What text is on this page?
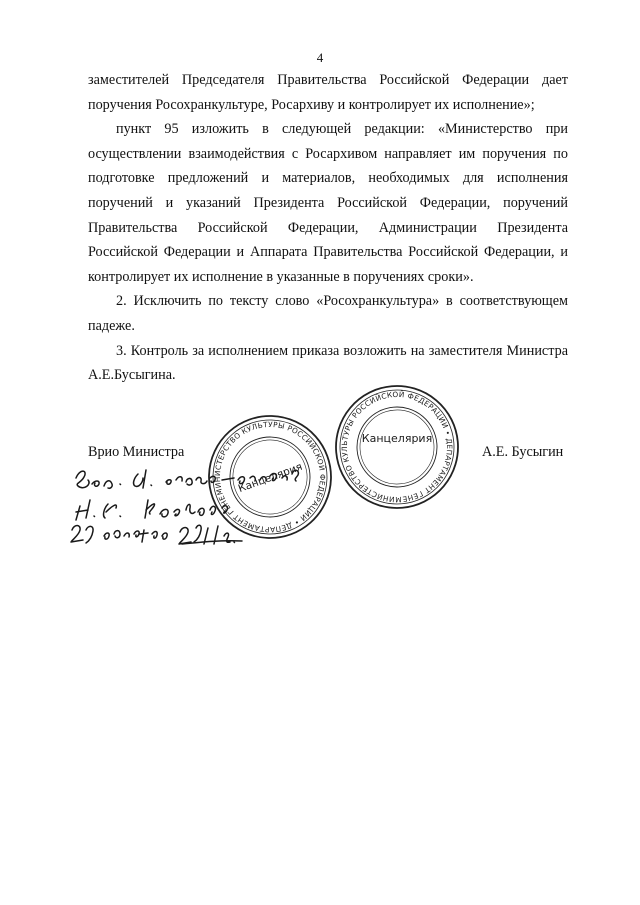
4

заместителей Председателя Правительства Российской Федерации дает поручения Росохранкультуре, Росархиву и контролирует их исполнение»;

пункт 95 изложить в следующей редакции: «Министерство при осуществлении взаимодействия с Росархивом направляет им поручения по подготовке предложений и материалов, необходимых для исполнения поручений и указаний Президента Российской Федерации, поручений Правительства Российской Федерации, Администрации Президента Российской Федерации и Аппарата Правительства Российской Федерации, и контролирует их исполнение в указанные в поручениях сроки».

2. Исключить по тексту слово «Росохранкультура» в соответствующем падеже.

3. Контроль за исполнением приказа возложить на заместителя Министра А.Е.Бусыгина.

Врио Министра	А.Е. Бусыгин
МИНИСТЕРСТВО КУЛЬТУРЫ РОССИЙСКОЙ ФЕДЕРАЦИИ • ДЕПАРТАМЕНТ ГЕНЕРАЛЬНОГО СЕКРЕТАРИАТА •
Канцелярия
МИНИСТЕРСТВО КУЛЬТУРЫ РОССИЙСКОЙ ФЕДЕРАЦИИ • ДЕПАРТАМЕНТ ГЕНЕРАЛЬНОГО СЕКРЕТАРИАТА •
Канцелярия
